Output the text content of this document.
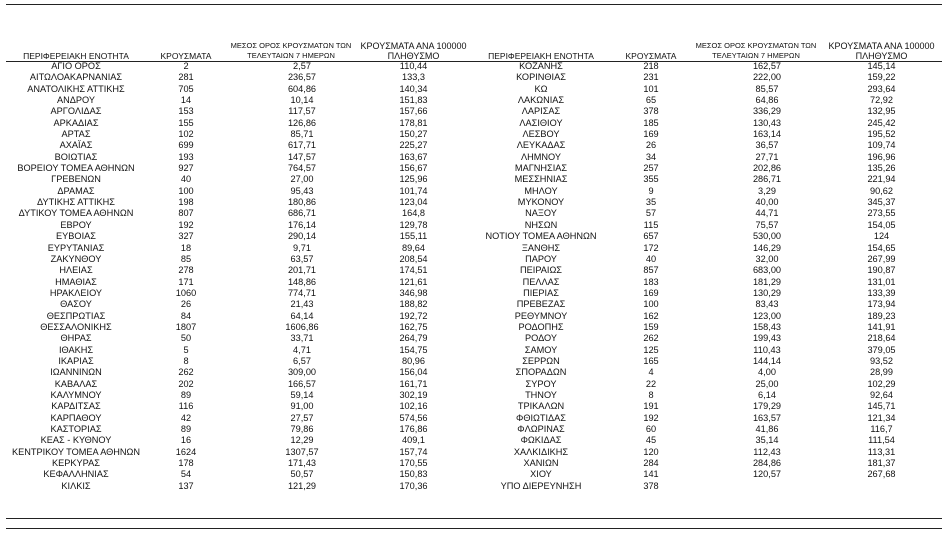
ΠΕΡΙΦΕΡΕΙΑΚΗ ΕΝΟΤΗΤΑ	ΚΡΟΥΣΜΑΤΑ	ΜΕΣΟΣ ΟΡΟΣ ΚΡΟΥΣΜΑΤΩΝ ΤΩΝ ΤΕΛΕΥΤΑΙΩΝ 7 ΗΜΕΡΩΝ	ΚΡΟΥΣΜΑΤΑ ΑΝΑ 100000 ΠΛΗΘΥΣΜΟ	ΠΕΡΙΦΕΡΕΙΑΚΗ ΕΝΟΤΗΤΑ	ΚΡΟΥΣΜΑΤΑ	ΜΕΣΟΣ ΟΡΟΣ ΚΡΟΥΣΜΑΤΩΝ ΤΩΝ ΤΕΛΕΥΤΑΙΩΝ 7 ΗΜΕΡΩΝ	ΚΡΟΥΣΜΑΤΑ ΑΝΑ 100000 ΠΛΗΘΥΣΜΟ
ΑΓΙΟ ΟΡΟΣ	2	2,57	110,44	ΚΟΖΑΝΗΣ	218	162,57	145,14
ΑΙΤΩΛΟΑΚΑΡΝΑΝΙΑΣ	281	236,57	133,3	ΚΟΡΙΝΘΙΑΣ	231	222,00	159,22
ΑΝΑΤΟΛΙΚΗΣ ΑΤΤΙΚΗΣ	705	604,86	140,34	ΚΩ	101	85,57	293,64
ΑΝΔΡΟΥ	14	10,14	151,83	ΛΑΚΩΝΙΑΣ	65	64,86	72,92
ΑΡΓΟΛΙΔΑΣ	153	117,57	157,66	ΛΑΡΙΣΑΣ	378	336,29	132,95
ΑΡΚΑΔΙΑΣ	155	126,86	178,81	ΛΑΣΙΘΙΟΥ	185	130,43	245,42
ΑΡΤΑΣ	102	85,71	150,27	ΛΕΣΒΟΥ	169	163,14	195,52
ΑΧΑΪΑΣ	699	617,71	225,27	ΛΕΥΚΑΔΑΣ	26	36,57	109,74
ΒΟΙΩΤΙΑΣ	193	147,57	163,67	ΛΗΜΝΟΥ	34	27,71	196,96
ΒΟΡΕΙΟΥ ΤΟΜΕΑ ΑΘΗΝΩΝ	927	764,57	156,67	ΜΑΓΝΗΣΙΑΣ	257	202,86	135,26
ΓΡΕΒΕΝΩΝ	40	27,00	125,96	ΜΕΣΣΗΝΙΑΣ	355	286,71	221,94
ΔΡΑΜΑΣ	100	95,43	101,74	ΜΗΛΟΥ	9	3,29	90,62
ΔΥΤΙΚΗΣ ΑΤΤΙΚΗΣ	198	180,86	123,04	ΜΥΚΟΝΟΥ	35	40,00	345,37
ΔΥΤΙΚΟΥ ΤΟΜΕΑ ΑΘΗΝΩΝ	807	686,71	164,8	ΝΑΞΟΥ	57	44,71	273,55
ΕΒΡΟΥ	192	176,14	129,78	ΝΗΣΩΝ	115	75,57	154,05
ΕΥΒΟΙΑΣ	327	290,14	155,11	ΝΟΤΙΟΥ ΤΟΜΕΑ ΑΘΗΝΩΝ	657	530,00	124
ΕΥΡΥΤΑΝΙΑΣ	18	9,71	89,64	ΞΑΝΘΗΣ	172	146,29	154,65
ΖΑΚΥΝΘΟΥ	85	63,57	208,54	ΠΑΡΟΥ	40	32,00	267,99
ΗΛΕΙΑΣ	278	201,71	174,51	ΠΕΙΡΑΙΩΣ	857	683,00	190,87
ΗΜΑΘΙΑΣ	171	148,86	121,61	ΠΕΛΛΑΣ	183	181,29	131,01
ΗΡΑΚΛΕΙΟΥ	1060	774,71	346,98	ΠΙΕΡΙΑΣ	169	130,29	133,39
ΘΑΣΟΥ	26	21,43	188,82	ΠΡΕΒΕΖΑΣ	100	83,43	173,94
ΘΕΣΠΡΩΤΙΑΣ	84	64,14	192,72	ΡΕΘΥΜΝΟΥ	162	123,00	189,23
ΘΕΣΣΑΛΟΝΙΚΗΣ	1807	1606,86	162,75	ΡΟΔΟΠΗΣ	159	158,43	141,91
ΘΗΡΑΣ	50	33,71	264,79	ΡΟΔΟΥ	262	199,43	218,64
ΙΘΑΚΗΣ	5	4,71	154,75	ΣΑΜΟΥ	125	110,43	379,05
ΙΚΑΡΙΑΣ	8	6,57	80,96	ΣΕΡΡΩΝ	165	144,14	93,52
ΙΩΑΝΝΙΝΩΝ	262	309,00	156,04	ΣΠΟΡΑΔΩΝ	4	4,00	28,99
ΚΑΒΑΛΑΣ	202	166,57	161,71	ΣΥΡΟΥ	22	25,00	102,29
ΚΑΛΥΜΝΟΥ	89	59,14	302,19	ΤΗΝΟΥ	8	6,14	92,64
ΚΑΡΔΙΤΣΑΣ	116	91,00	102,16	ΤΡΙΚΑΛΩΝ	191	179,29	145,71
ΚΑΡΠΑΘΟΥ	42	27,57	574,56	ΦΘΙΩΤΙΔΑΣ	192	163,57	121,34
ΚΑΣΤΟΡΙΑΣ	89	79,86	176,86	ΦΛΩΡΙΝΑΣ	60	41,86	116,7
ΚΕΑΣ - ΚΥΘΝΟΥ	16	12,29	409,1	ΦΩΚΙΔΑΣ	45	35,14	111,54
ΚΕΝΤΡΙΚΟΥ ΤΟΜΕΑ ΑΘΗΝΩΝ	1624	1307,57	157,74	ΧΑΛΚΙΔΙΚΗΣ	120	112,43	113,31
ΚΕΡΚΥΡΑΣ	178	171,43	170,55	ΧΑΝΙΩΝ	284	284,86	181,37
ΚΕΦΑΛΛΗΝΙΑΣ	54	50,57	150,83	ΧΙΟΥ	141	120,57	267,68
ΚΙΛΚΙΣ	137	121,29	170,36	ΥΠΟ ΔΙΕΡΕΥΝΗΣΗ	378		
